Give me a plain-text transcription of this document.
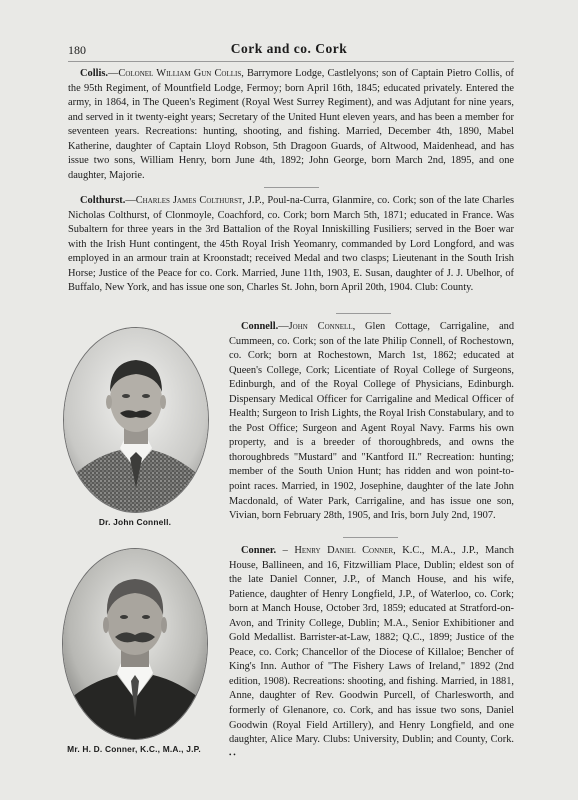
180	Cork and co. Cork
Collis.—Colonel William Gun Collis, Barrymore Lodge, Castlelyons; son of Captain Pietro Collis, of the 95th Regiment, of Mountfield Lodge, Fermoy; born April 16th, 1845; educated privately. Entered the army, in 1864, in The Queen's Regiment (Royal West Surrey Regiment), and was Adjutant for nine years, and served in it twenty-eight years; Secretary of the United Hunt eleven years, and has been a member for seventeen years. Recreations: hunting, shooting, and fishing. Married, December 4th, 1890, Mabel Katherine, daughter of Captain Lloyd Robson, 5th Dragoon Guards, of Altwood, Maidenhead, and has issue two sons, William Henry, born June 4th, 1892; John George, born March 2nd, 1895, and one daughter, Majorie.
Colthurst.—Charles James Colthurst, J.P., Poul-na-Curra, Glanmire, co. Cork; son of the late Charles Nicholas Colthurst, of Clonmoyle, Coachford, co. Cork; born March 5th, 1871; educated in France. Was Subaltern for three years in the 3rd Battalion of the Royal Inniskilling Fusiliers; served in the Boer war with the Irish Hunt contingent, the 45th Royal Irish Yeomanry, commanded by Lord Longford, and was employed in an armour train at Kroonstadt; received Medal and two clasps; Lieutenant in the South Irish Horse; Justice of the Peace for co. Cork. Married, June 11th, 1903, E. Susan, daughter of J. J. Ubelhor, of Buffalo, New York, and has issue one son, Charles St. John, born April 20th, 1904. Club: County.
Dr. John Connell.
Connell.—John Connell, Glen Cottage, Carrigaline, and Cummeen, co. Cork; son of the late Philip Connell, of Rochestown, co. Cork; born at Rochestown, March 1st, 1862; educated at Queen's College, Cork; Licentiate of Royal College of Surgeons, Edinburgh, and of the Royal College of Physicians, Edinburgh. Dispensary Medical Officer for Carrigaline and Medical Officer of Health; Surgeon to Irish Lights, the Royal Irish Constabulary, and to the Post Office; Surgeon and Agent Royal Navy. Farms his own property, and is a breeder of thoroughbreds, and owns the thoroughbreds "Mustard" and "Kantford II." Recreation: hunting; member of the South Union Hunt; has ridden and won point-to-point races. Married, in 1902, Josephine, daughter of the late John Macdonald, of Water Park, Carrigaline, and has issue one son, Vivian, born February 28th, 1905, and Iris, born July 2nd, 1907.
Mr. H. D. Conner, K.C., M.A., J.P.
Conner. – Henry Daniel Conner, K.C., M.A., J.P., Manch House, Ballineen, and 16, Fitzwilliam Place, Dublin; eldest son of the late Daniel Conner, J.P., of Manch House, and his wife, Patience, daughter of Henry Longfield, J.P., of Waterloo, co. Cork; born at Manch House, October 3rd, 1859; educated at Stratford-on-Avon, and Trinity College, Dublin; M.A., Senior Exhibitioner and Gold Medallist. Barrister-at-Law, 1882; Q.C., 1899; Justice of the Peace, co. Cork; Chancellor of the Diocese of Killaloe; Bencher of King's Inn. Author of "The Fishery Laws of Ireland," 1892 (2nd edition, 1908). Recreations: shooting, and fishing. Married, in 1881, Anne, daughter of Rev. Goodwin Purcell, of Charlesworth, and formerly of Glenanore, co. Cork, and has issue two sons, Daniel Goodwin (Royal Field Artillery), and Henry Longfield, and one daughter, Alice Mary. Clubs: University, Dublin; and County, Cork. • •
